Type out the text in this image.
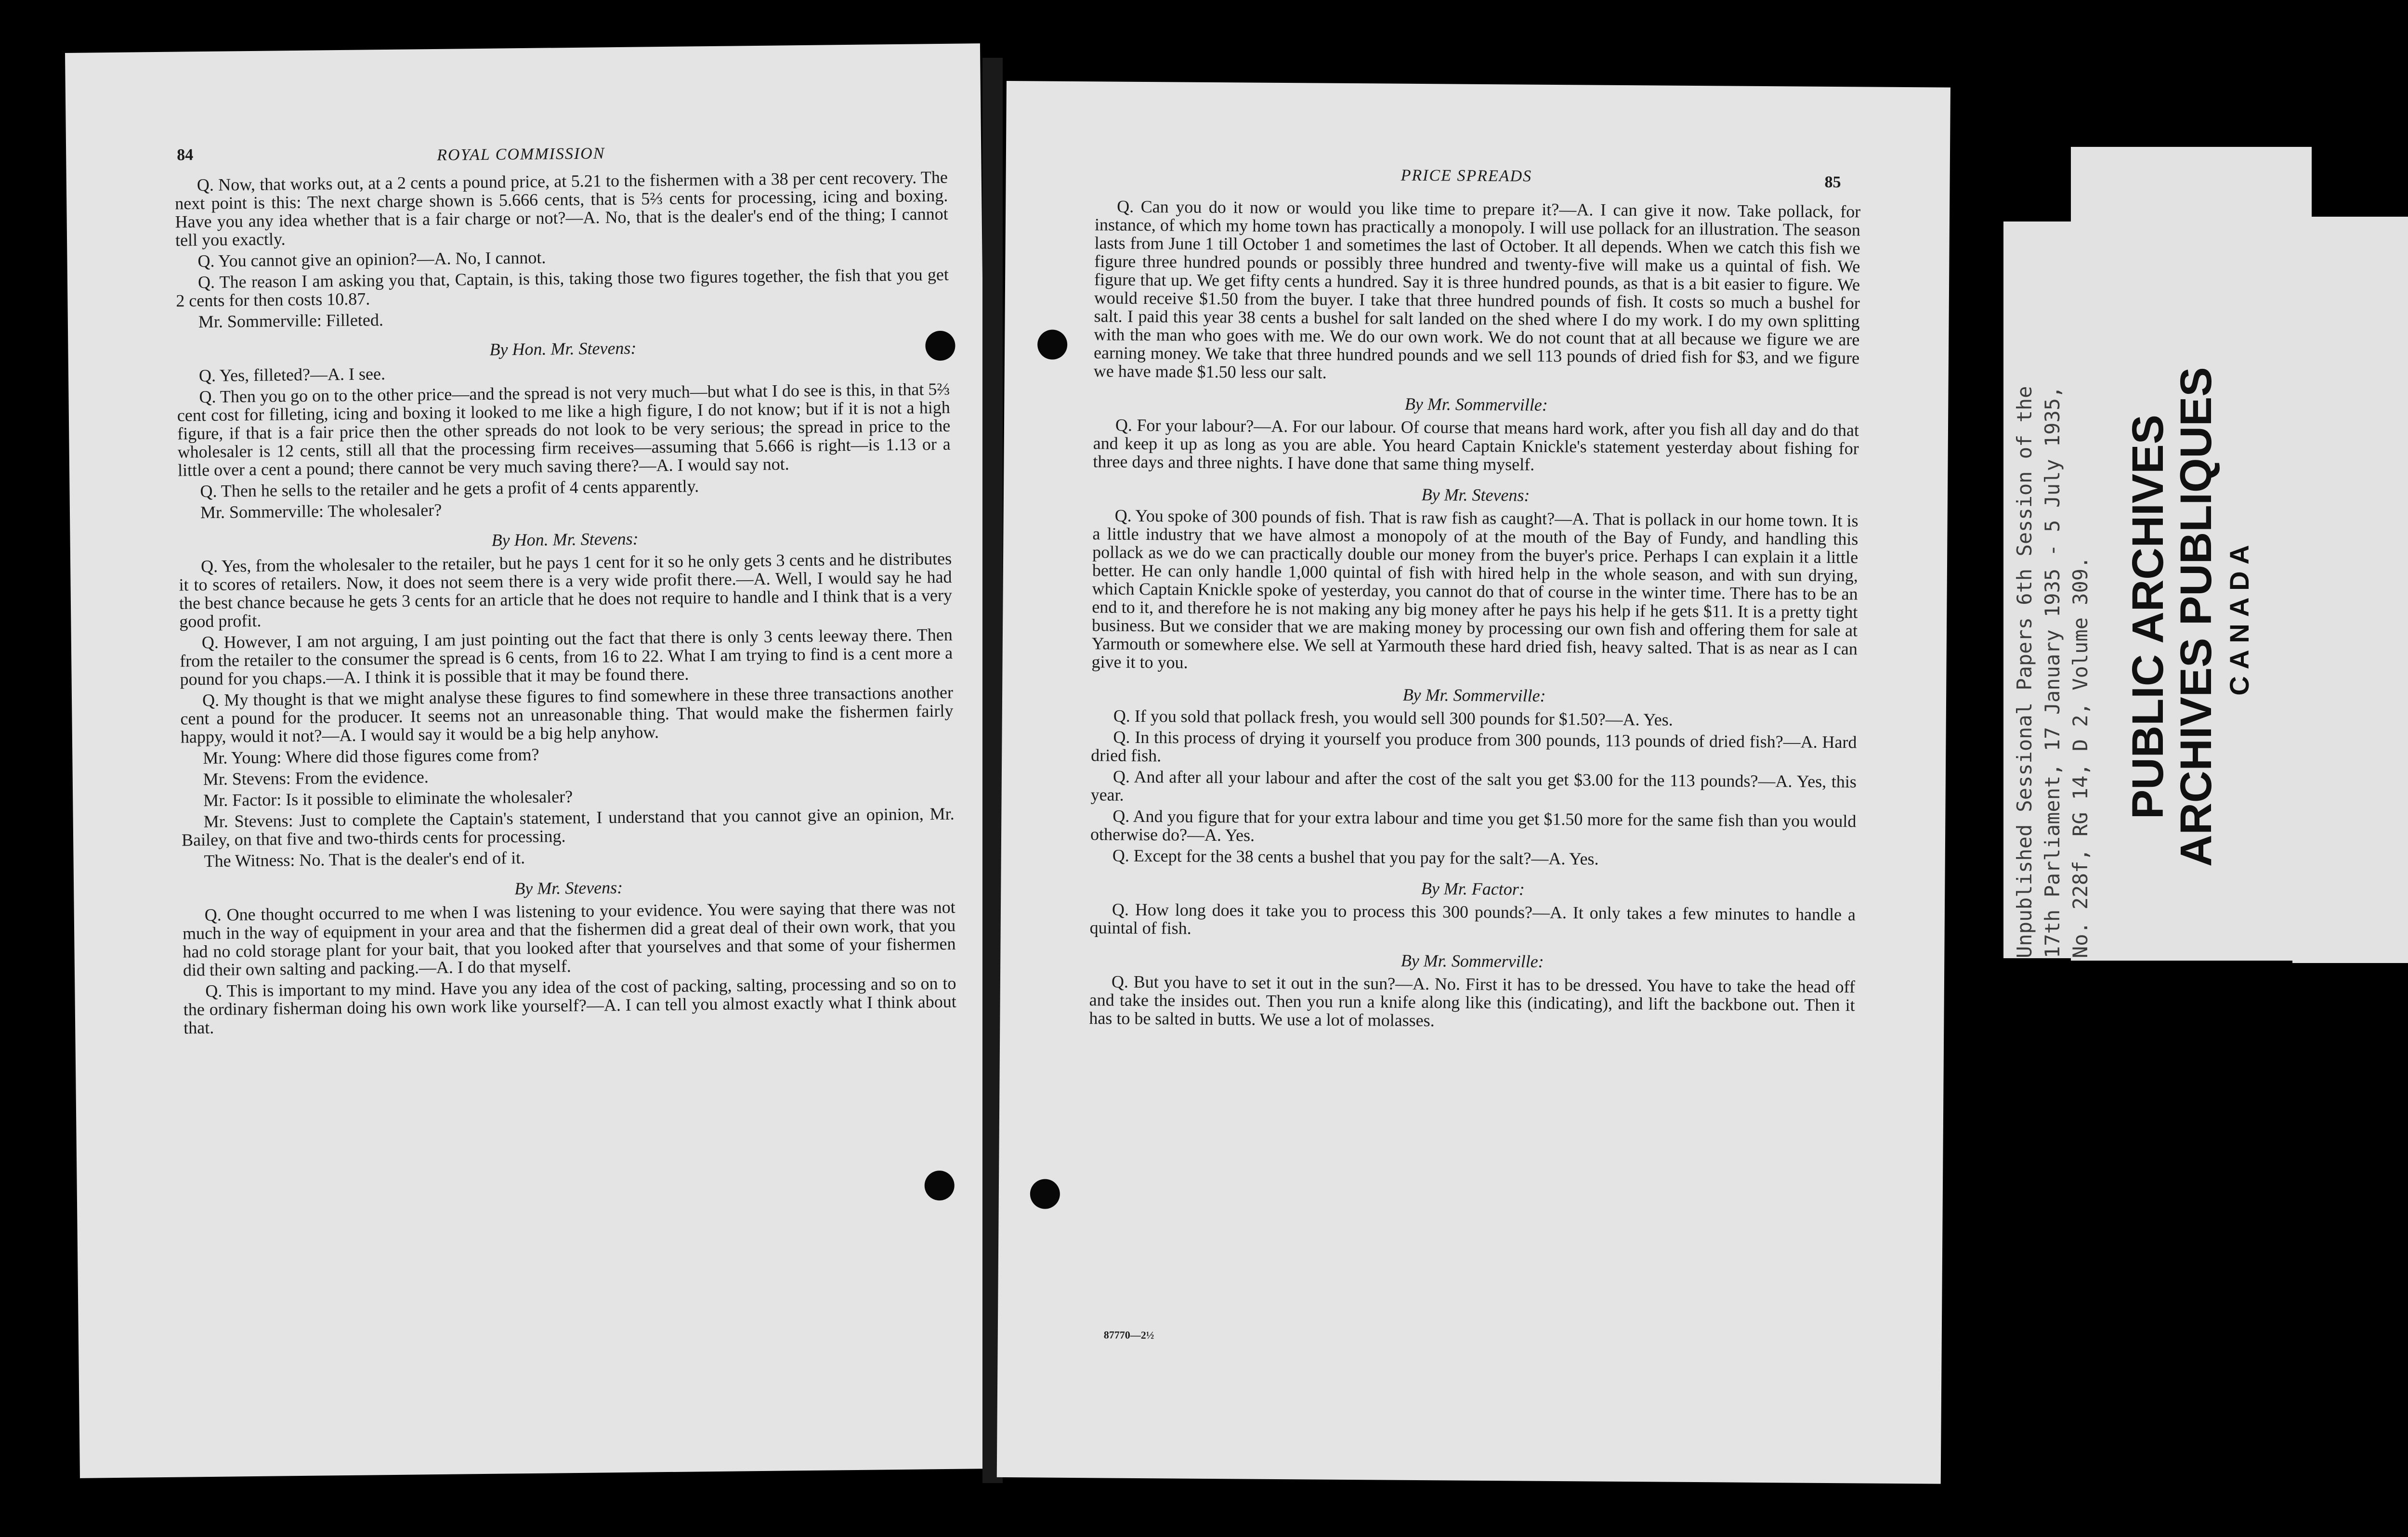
84	ROYAL COMMISSION

Q. Now, that works out, at a 2 cents a pound price, at 5.21 to the fishermen with a 38 per cent recovery. The next point is this: The next charge shown is 5.666 cents, that is 5⅔ cents for processing, icing and boxing. Have you any idea whether that is a fair charge or not?—A. No, that is the dealer's end of the thing; I cannot tell you exactly.

Q. You cannot give an opinion?—A. No, I cannot.

Q. The reason I am asking you that, Captain, is this, taking those two figures together, the fish that you get 2 cents for then costs 10.87.

Mr. Sommerville: Filleted.

By Hon. Mr. Stevens:

Q. Yes, filleted?—A. I see.

Q. Then you go on to the other price—and the spread is not very much—but what I do see is this, in that 5⅔ cent cost for filleting, icing and boxing it looked to me like a high figure, I do not know; but if it is not a high figure, if that is a fair price then the other spreads do not look to be very serious; the spread in price to the wholesaler is 12 cents, still all that the processing firm receives—assuming that 5.666 is right—is 1.13 or a little over a cent a pound; there cannot be very much saving there?—A. I would say not.

Q. Then he sells to the retailer and he gets a profit of 4 cents apparently.

Mr. Sommerville: The wholesaler?

By Hon. Mr. Stevens:

Q. Yes, from the wholesaler to the retailer, but he pays 1 cent for it so he only gets 3 cents and he distributes it to scores of retailers. Now, it does not seem there is a very wide profit there.—A. Well, I would say he had the best chance because he gets 3 cents for an article that he does not require to handle and I think that is a very good profit.

Q. However, I am not arguing, I am just pointing out the fact that there is only 3 cents leeway there. Then from the retailer to the consumer the spread is 6 cents, from 16 to 22. What I am trying to find is a cent more a pound for you chaps.—A. I think it is possible that it may be found there.

Q. My thought is that we might analyse these figures to find somewhere in these three transactions another cent a pound for the producer. It seems not an unreasonable thing. That would make the fishermen fairly happy, would it not?—A. I would say it would be a big help anyhow.

Mr. Young: Where did those figures come from?

Mr. Stevens: From the evidence.

Mr. Factor: Is it possible to eliminate the wholesaler?

Mr. Stevens: Just to complete the Captain's statement, I understand that you cannot give an opinion, Mr. Bailey, on that five and two-thirds cents for processing.

The Witness: No. That is the dealer's end of it.

By Mr. Stevens:

Q. One thought occurred to me when I was listening to your evidence. You were saying that there was not much in the way of equipment in your area and that the fishermen did a great deal of their own work, that you had no cold storage plant for your bait, that you looked after that yourselves and that some of your fishermen did their own salting and packing.—A. I do that myself.

Q. This is important to my mind. Have you any idea of the cost of packing, salting, processing and so on to the ordinary fisherman doing his own work like yourself?—A. I can tell you almost exactly what I think about that.

PRICE SPREADS	85

Q. Can you do it now or would you like time to prepare it?—A. I can give it now. Take pollack, for instance, of which my home town has practically a monopoly. I will use pollack for an illustration. The season lasts from June 1 till October 1 and sometimes the last of October. It all depends. When we catch this fish we figure three hundred pounds or possibly three hundred and twenty-five will make us a quintal of fish. We figure that up. We get fifty cents a hundred. Say it is three hundred pounds, as that is a bit easier to figure. We would receive $1.50 from the buyer. I take that three hundred pounds of fish. It costs so much a bushel for salt. I paid this year 38 cents a bushel for salt landed on the shed where I do my work. I do my own splitting with the man who goes with me. We do our own work. We do not count that at all because we figure we are earning money. We take that three hundred pounds and we sell 113 pounds of dried fish for $3, and we figure we have made $1.50 less our salt.

By Mr. Sommerville:

Q. For your labour?—A. For our labour. Of course that means hard work, after you fish all day and do that and keep it up as long as you are able. You heard Captain Knickle's statement yesterday about fishing for three days and three nights. I have done that same thing myself.

By Mr. Stevens:

Q. You spoke of 300 pounds of fish. That is raw fish as caught?—A. That is pollack in our home town. It is a little industry that we have almost a monopoly of at the mouth of the Bay of Fundy, and handling this pollack as we do we can practically double our money from the buyer's price. Perhaps I can explain it a little better. He can only handle 1,000 quintal of fish with hired help in the whole season, and with sun drying, which Captain Knickle spoke of yesterday, you cannot do that of course in the winter time. There has to be an end to it, and therefore he is not making any big money after he pays his help if he gets $11. It is a pretty tight business. But we consider that we are making money by processing our own fish and offering them for sale at Yarmouth or somewhere else. We sell at Yarmouth these hard dried fish, heavy salted. That is as near as I can give it to you.

By Mr. Sommerville:

Q. If you sold that pollack fresh, you would sell 300 pounds for $1.50?—A. Yes.

Q. In this process of drying it yourself you produce from 300 pounds, 113 pounds of dried fish?—A. Hard dried fish.

Q. And after all your labour and after the cost of the salt you get $3.00 for the 113 pounds?—A. Yes, this year.

Q. And you figure that for your extra labour and time you get $1.50 more for the same fish than you would otherwise do?—A. Yes.

Q. Except for the 38 cents a bushel that you pay for the salt?—A. Yes.

By Mr. Factor:

Q. How long does it take you to process this 300 pounds?—A. It only takes a few minutes to handle a quintal of fish.

By Mr. Sommerville:

Q. But you have to set it out in the sun?—A. No. First it has to be dressed. You have to take the head off and take the insides out. Then you run a knife along like this (indicating), and lift the backbone out. Then it has to be salted in butts. We use a lot of molasses.

87770—2½
Unpublished Sessional Papers 6th Session of the 17th Parliament, 17 January 1935 - 5 July 1935, No. 228f, RG 14, D 2, Volume 309. PUBLIC ARCHIVES
ARCHIVES PUBLIQUES CANADA
